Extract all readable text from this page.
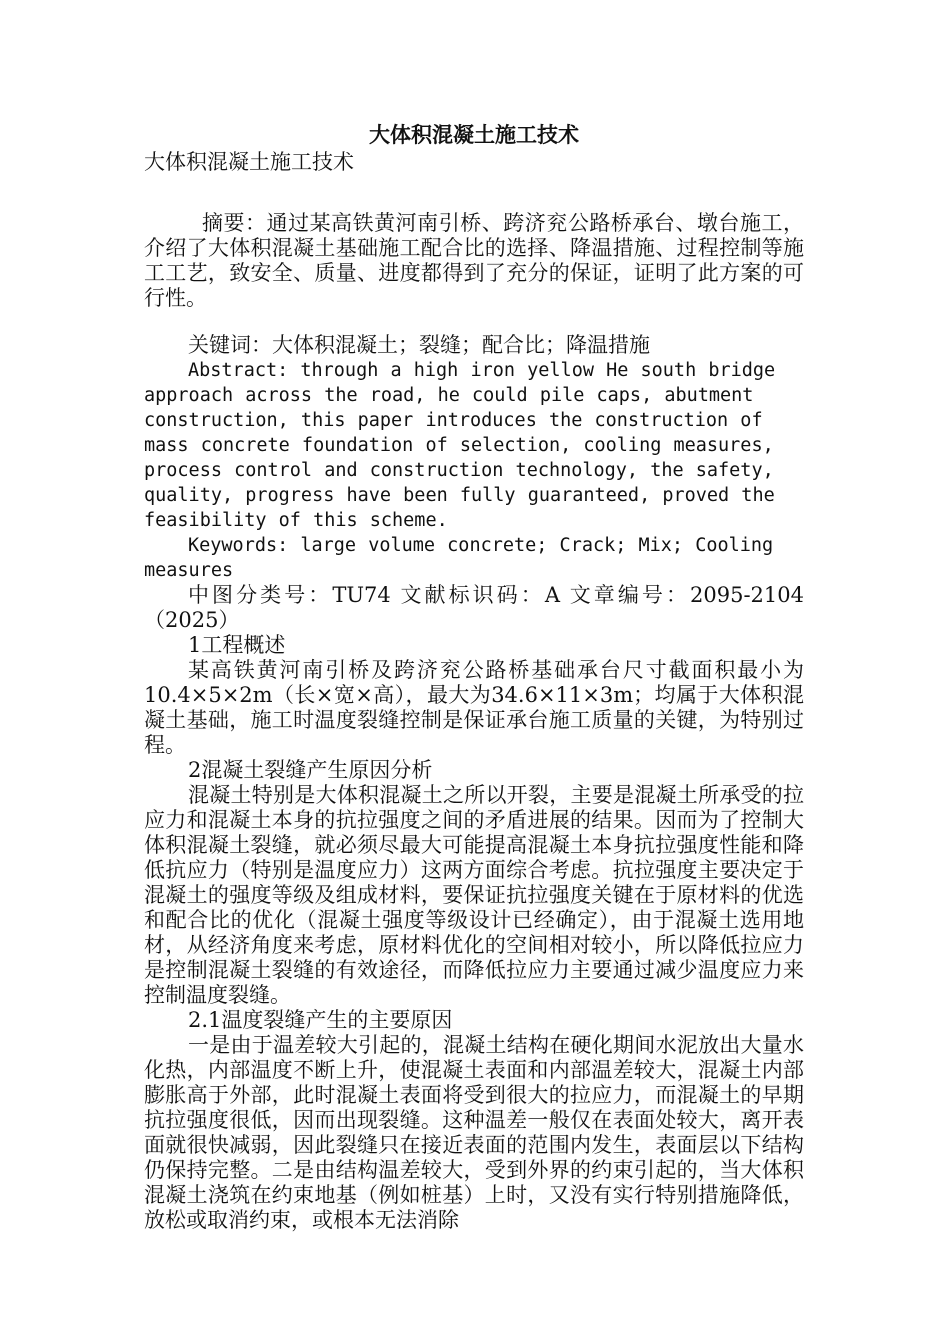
大体积混凝土施工技术
大体积混凝土施工技术

摘要：通过某高铁黄河南引桥、跨济兖公路桥承台、墩台施工，介绍了大体积混凝土基础施工配合比的选择、降温措施、过程控制等施工工艺，致安全、质量、进度都得到了充分的保证，证明了此方案的可行性。

关键词：大体积混凝土；裂缝；配合比；降温措施

Abstract: through a high iron yellow He south bridge approach across the road, he could pile caps, abutment construction, this paper introduces the construction of mass concrete foundation of selection, cooling measures, process control and construction technology, the safety, quality, progress have been fully guaranteed, proved the feasibility of this scheme.

Keywords: large volume concrete; Crack; Mix; Cooling measures

中图分类号：TU74 文献标识码：A 文章编号：2095-2104（2025）

1工程概述

某高铁黄河南引桥及跨济兖公路桥基础承台尺寸截面积最小为10.4×5×2m（长×宽×高），最大为34.6×11×3m；均属于大体积混凝土基础，施工时温度裂缝控制是保证承台施工质量的关键，为特别过程。

2混凝土裂缝产生原因分析

混凝土特别是大体积混凝土之所以开裂，主要是混凝土所承受的拉应力和混凝土本身的抗拉强度之间的矛盾进展的结果。因而为了控制大体积混凝土裂缝，就必须尽最大可能提高混凝土本身抗拉强度性能和降低抗应力（特别是温度应力）这两方面综合考虑。抗拉强度主要决定于混凝土的强度等级及组成材料，要保证抗拉强度关键在于原材料的优选和配合比的优化（混凝土强度等级设计已经确定），由于混凝土选用地材，从经济角度来考虑，原材料优化的空间相对较小，所以降低拉应力是控制混凝土裂缝的有效途径，而降低拉应力主要通过减少温度应力来控制温度裂缝。

2.1温度裂缝产生的主要原因

一是由于温差较大引起的，混凝土结构在硬化期间水泥放出大量水化热，内部温度不断上升，使混凝土表面和内部温差较大，混凝土内部膨胀高于外部，此时混凝土表面将受到很大的拉应力，而混凝土的早期抗拉强度很低，因而出现裂缝。这种温差一般仅在表面处较大，离开表面就很快减弱，因此裂缝只在接近表面的范围内发生，表面层以下结构仍保持完整。二是由结构温差较大，受到外界的约束引起的，当大体积混凝土浇筑在约束地基（例如桩基）上时，又没有实行特别措施降低，放松或取消约束，或根本无法消除
